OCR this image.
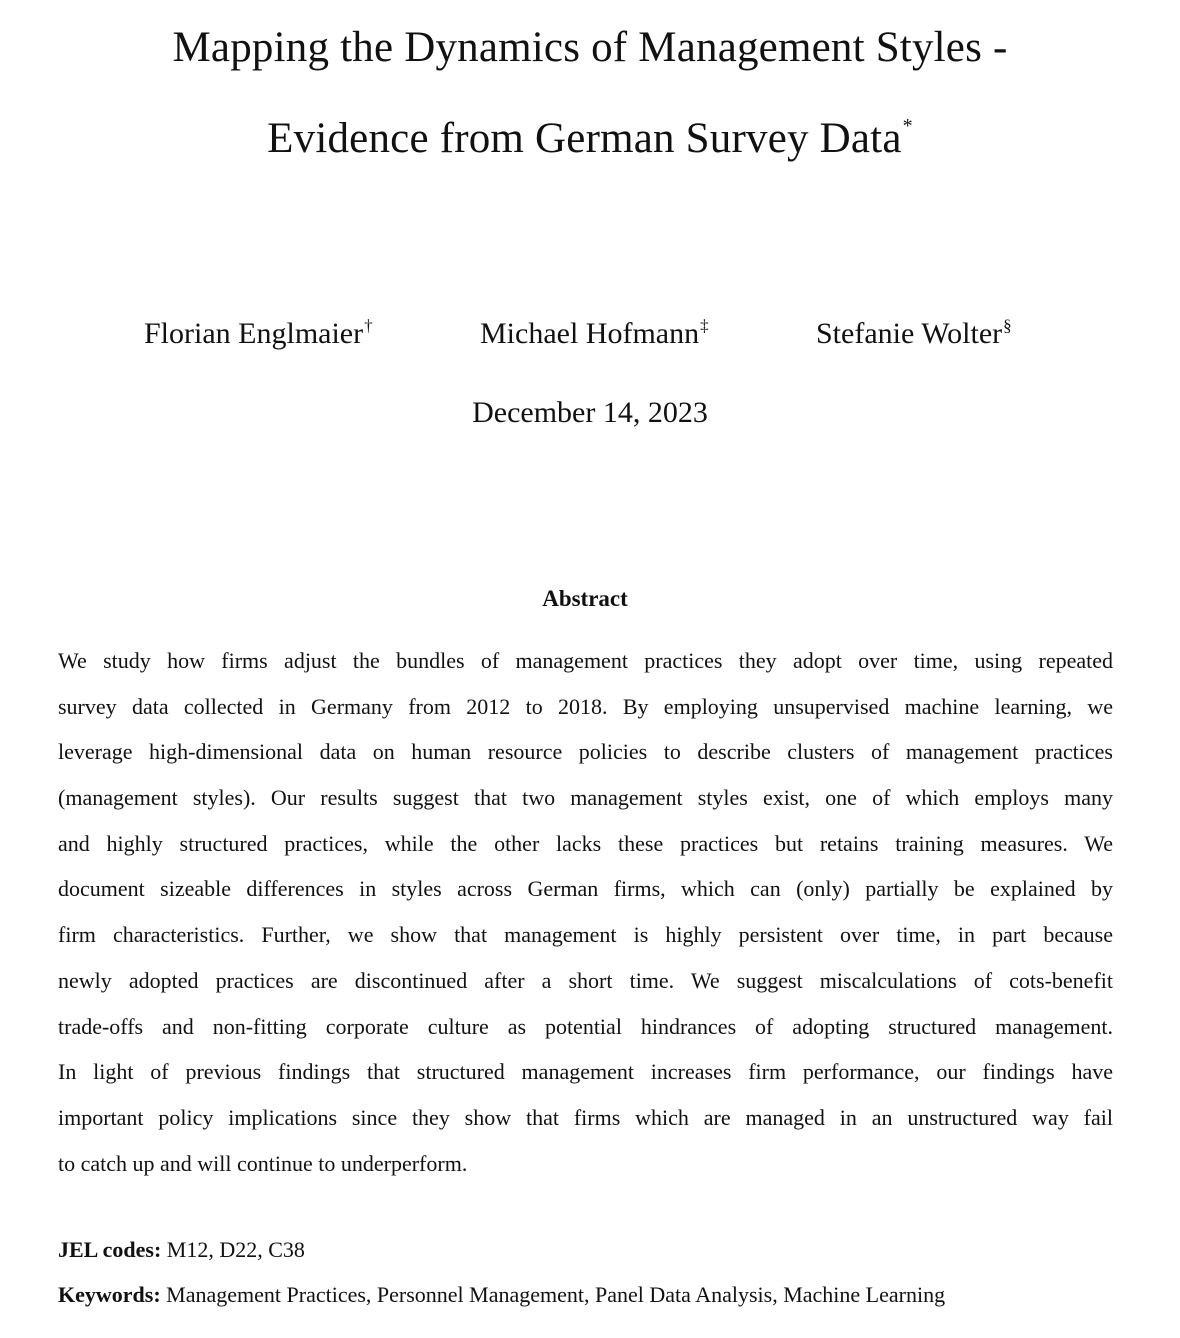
Mapping the Dynamics of Management Styles -
Evidence from German Survey Data*
Florian Englmaier†	Michael Hofmann‡	Stefanie Wolter§
December 14, 2023
Abstract
We study how firms adjust the bundles of management practices they adopt over time, using repeated
survey data collected in Germany from 2012 to 2018. By employing unsupervised machine learning, we
leverage high-dimensional data on human resource policies to describe clusters of management practices
(management styles). Our results suggest that two management styles exist, one of which employs many
and highly structured practices, while the other lacks these practices but retains training measures. We
document sizeable differences in styles across German firms, which can (only) partially be explained by
firm characteristics. Further, we show that management is highly persistent over time, in part because
newly adopted practices are discontinued after a short time. We suggest miscalculations of cots-benefit
trade-offs and non-fitting corporate culture as potential hindrances of adopting structured management.
In light of previous findings that structured management increases firm performance, our findings have
important policy implications since they show that firms which are managed in an unstructured way fail
to catch up and will continue to underperform.
JEL codes: M12, D22, C38
Keywords: Management Practices, Personnel Management, Panel Data Analysis, Machine Learning
